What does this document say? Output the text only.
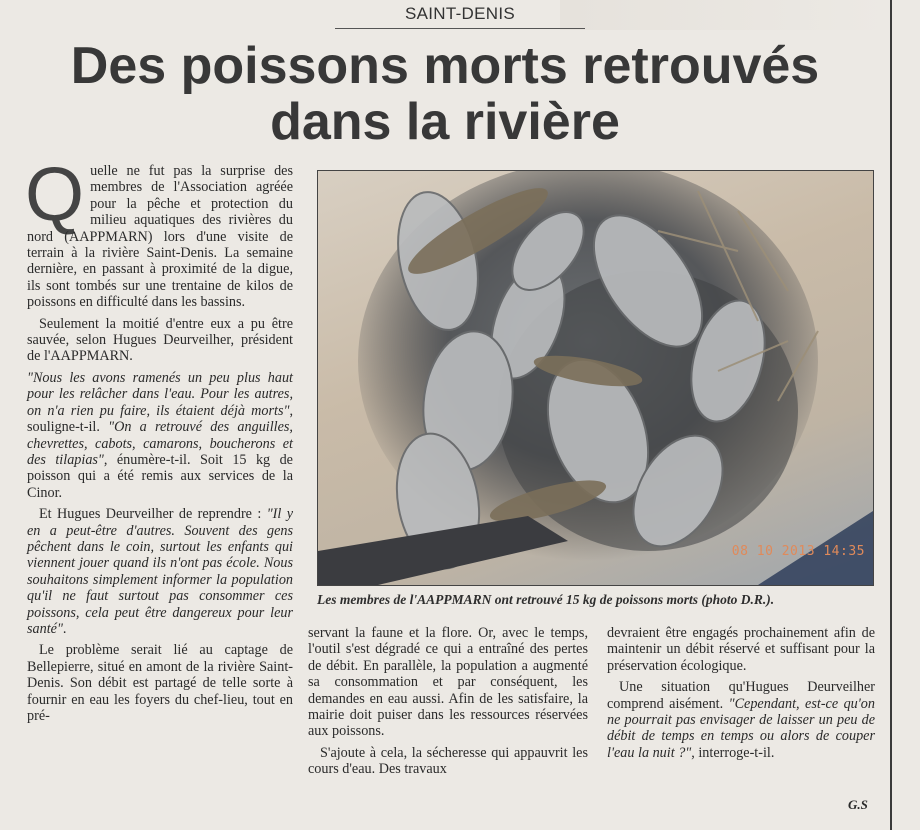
SAINT-DENIS
Des poissons morts retrouvés dans la rivière

Quelle ne fut pas la surprise des membres de l'Association agréée pour la pêche et protection du milieu aquatiques des rivières du nord (AAPPMARN) lors d'une visite de terrain à la rivière Saint-Denis. La semaine dernière, en passant à proximité de la digue, ils sont tombés sur une trentaine de kilos de poissons en difficulté dans les bassins.

Seulement la moitié d'entre eux a pu être sauvée, selon Hugues Deurveilher, président de l'AAPPMARN.

"Nous les avons ramenés un peu plus haut pour les relâcher dans l'eau. Pour les autres, on n'a rien pu faire, ils étaient déjà morts", souligne-t-il. "On a retrouvé des anguilles, chevrettes, cabots, camarons, boucherons et des tilapias", énumère-t-il. Soit 15 kg de poisson qui a été remis aux services de la Cinor.

Et Hugues Deurveilher de reprendre : "Il y en a peut-être d'autres. Souvent des gens pêchent dans le coin, surtout les enfants qui viennent jouer quand ils n'ont pas école. Nous souhaitons simplement informer la population qu'il ne faut surtout pas consommer ces poissons, cela peut être dangereux pour leur santé".

Le problème serait lié au captage de Bellepierre, situé en amont de la rivière Saint-Denis. Son débit est partagé de telle sorte à fournir en eau les foyers du chef-lieu, tout en pré-

08 10 2013 14:35
Les membres de l'AAPPMARN ont retrouvé 15 kg de poissons morts (photo D.R.).

servant la faune et la flore. Or, avec le temps, l'outil s'est dégradé ce qui a entraîné des pertes de débit. En parallèle, la population a augmenté sa consommation et par conséquent, les demandes en eau aussi. Afin de les satisfaire, la mairie doit puiser dans les ressources réservées aux poissons.

S'ajoute à cela, la sécheresse qui appauvrit les cours d'eau. Des travaux

devraient être engagés prochainement afin de maintenir un débit réservé et suffisant pour la préservation écologique.

Une situation qu'Hugues Deurveilher comprend aisément. "Cependant, est-ce qu'on ne pourrait pas envisager de laisser un peu de débit de temps en temps ou alors de couper l'eau la nuit ?", interroge-t-il.

G.S
